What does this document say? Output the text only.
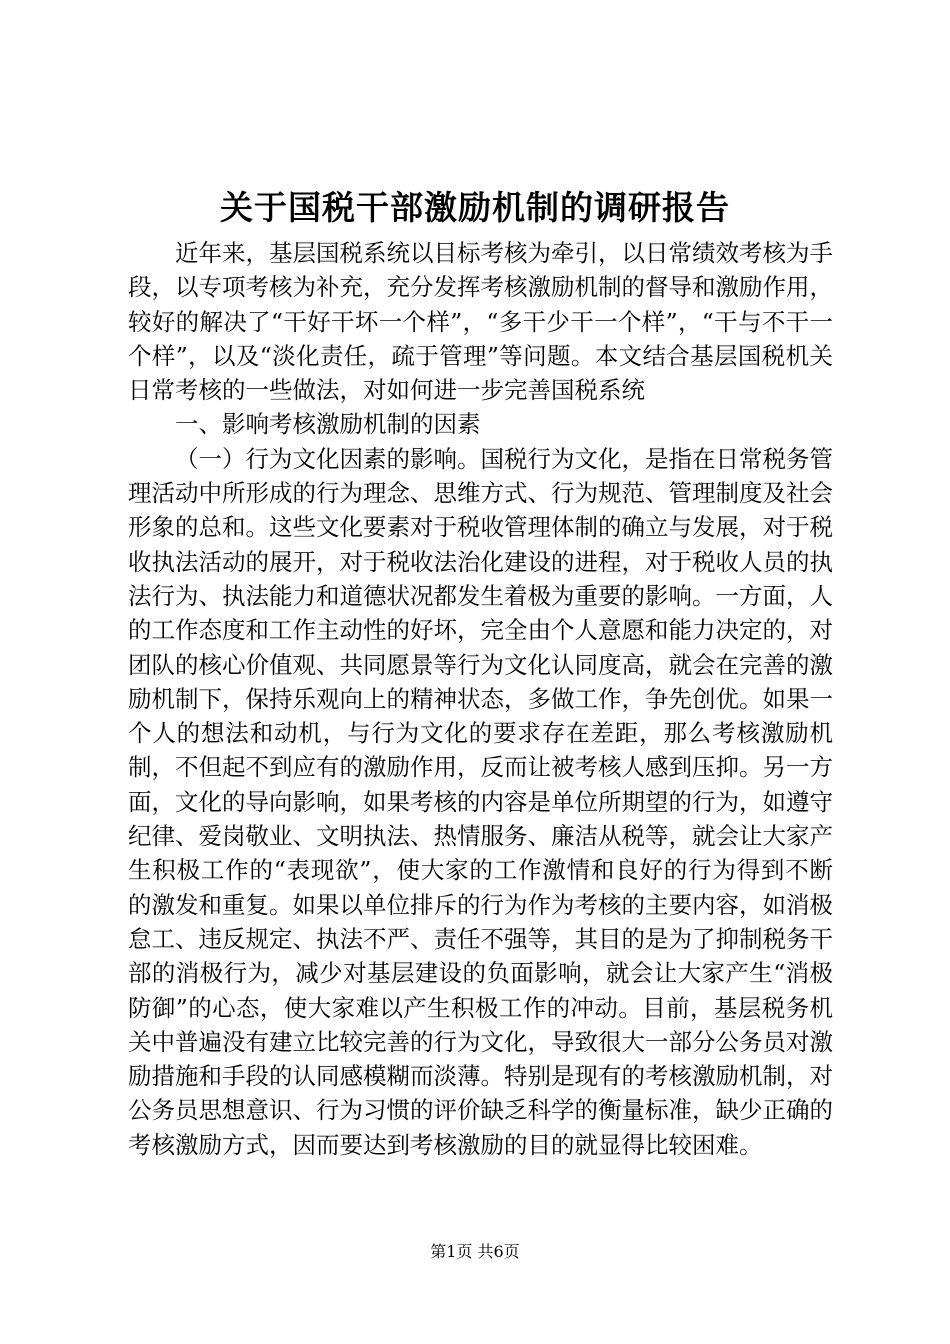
关于国税干部激励机制的调研报告

近年来，基层国税系统以目标考核为牵引，以日常绩效考核为手段，以专项考核为补充，充分发挥考核激励机制的督导和激励作用，较好的解决了“干好干坏一个样”，“多干少干一个样”，“干与不干一个样”，以及“淡化责任，疏于管理”等问题。本文结合基层国税机关日常考核的一些做法，对如何进一步完善国税系统

一、影响考核激励机制的因素

（一）行为文化因素的影响。国税行为文化，是指在日常税务管理活动中所形成的行为理念、思维方式、行为规范、管理制度及社会形象的总和。这些文化要素对于税收管理体制的确立与发展，对于税收执法活动的展开，对于税收法治化建设的进程，对于税收人员的执法行为、执法能力和道德状况都发生着极为重要的影响。一方面，人的工作态度和工作主动性的好坏，完全由个人意愿和能力决定的，对团队的核心价值观、共同愿景等行为文化认同度高，就会在完善的激励机制下，保持乐观向上的精神状态，多做工作，争先创优。如果一个人的想法和动机，与行为文化的要求存在差距，那么考核激励机制，不但起不到应有的激励作用，反而让被考核人感到压抑。另一方面，文化的导向影响，如果考核的内容是单位所期望的行为，如遵守纪律、爱岗敬业、文明执法、热情服务、廉洁从税等，就会让大家产生积极工作的“表现欲”，使大家的工作激情和良好的行为得到不断的激发和重复。如果以单位排斥的行为作为考核的主要内容，如消极怠工、违反规定、执法不严、责任不强等，其目的是为了抑制税务干部的消极行为，减少对基层建设的负面影响，就会让大家产生“消极防御”的心态，使大家难以产生积极工作的冲动。目前，基层税务机关中普遍没有建立比较完善的行为文化，导致很大一部分公务员对激励措施和手段的认同感模糊而淡薄。特别是现有的考核激励机制，对公务员思想意识、行为习惯的评价缺乏科学的衡量标准，缺少正确的考核激励方式，因而要达到考核激励的目的就显得比较困难。

第1页 共6页
